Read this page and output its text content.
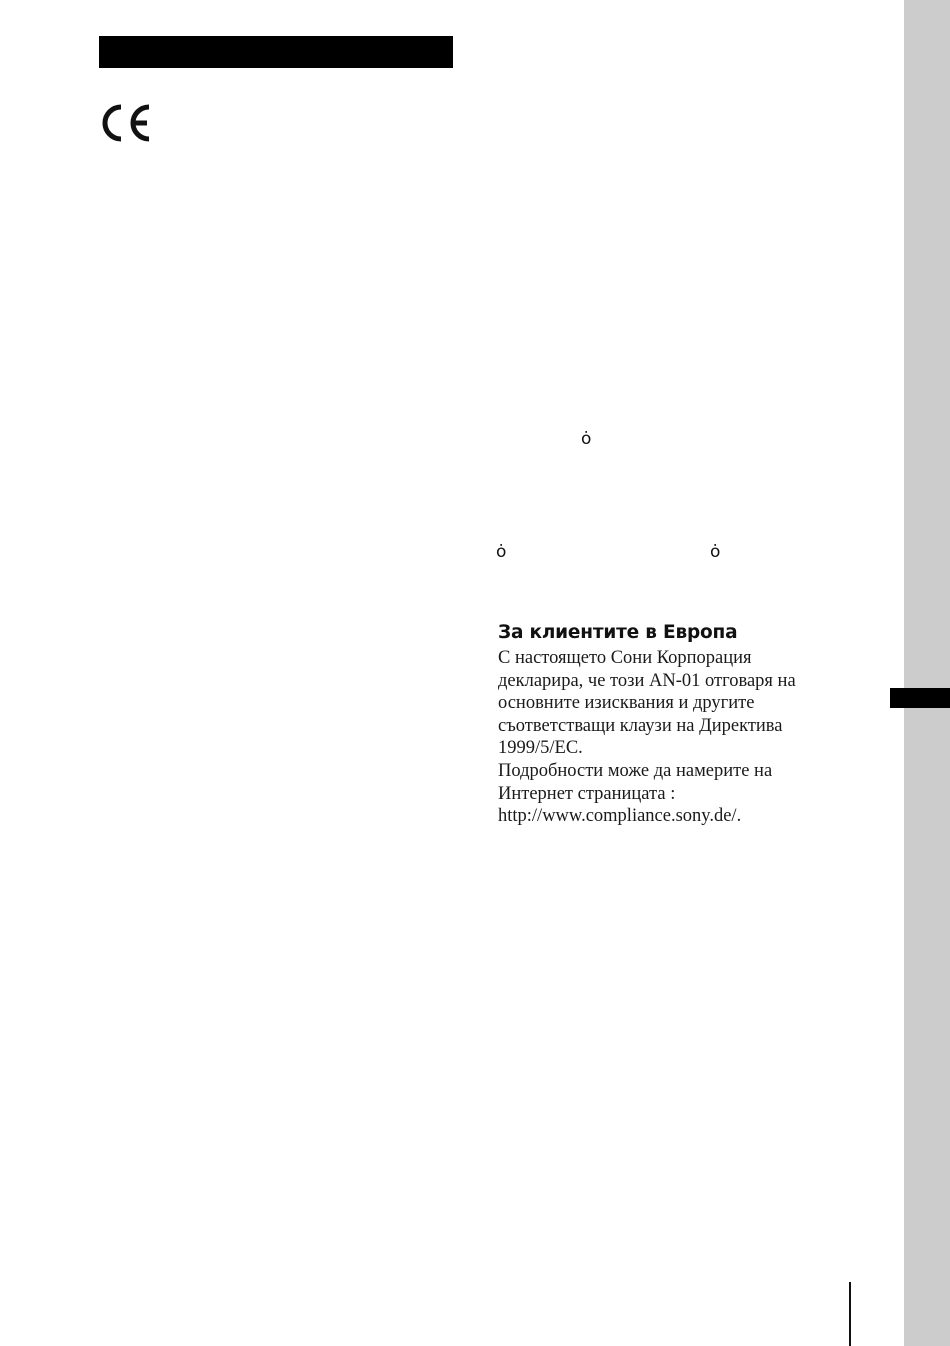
ȯ
ȯ	ȯ
За клиентите в Европа
С настоящето Сони Корпорация
декларира, че този AN-01 отговаря на
основните изисквания и другите
съответстващи клаузи на Директива
1999/5/EC.
Подробности може да намерите на
Интернет страницата :
http://www.compliance.sony.de/.
